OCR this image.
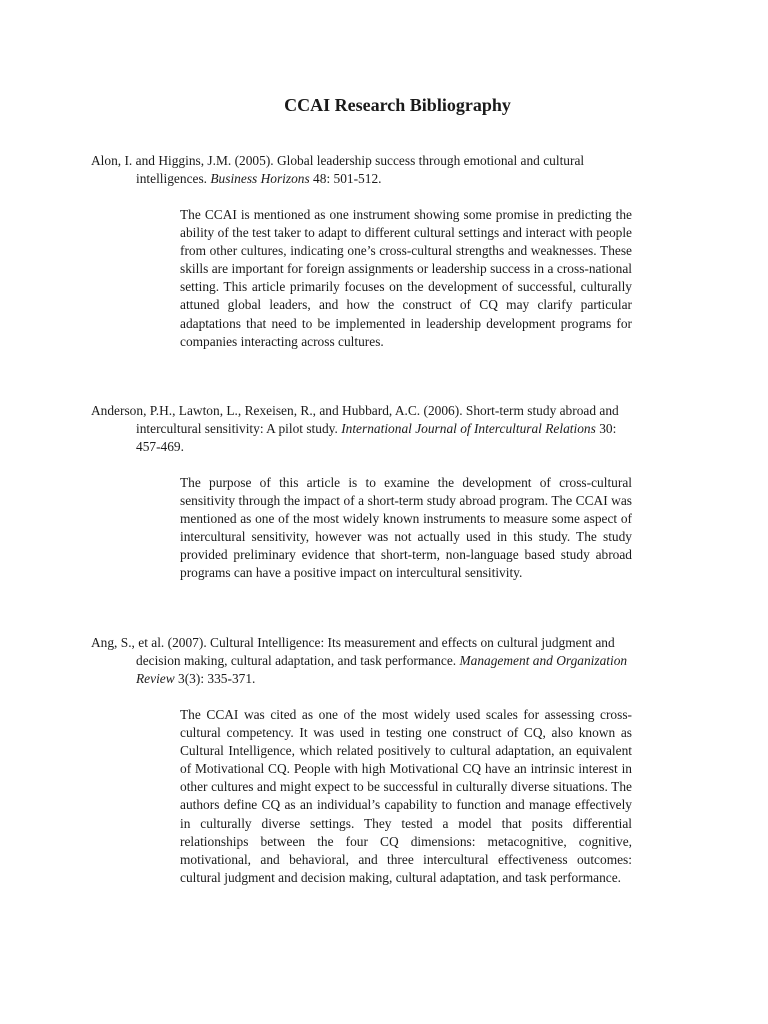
CCAI Research Bibliography
Alon, I. and Higgins, J.M. (2005). Global leadership success through emotional and cultural intelligences. Business Horizons 48: 501-512.
The CCAI is mentioned as one instrument showing some promise in predicting the ability of the test taker to adapt to different cultural settings and interact with people from other cultures, indicating one’s cross-cultural strengths and weaknesses. These skills are important for foreign assignments or leadership success in a cross-national setting. This article primarily focuses on the development of successful, culturally attuned global leaders, and how the construct of CQ may clarify particular adaptations that need to be implemented in leadership development programs for companies interacting across cultures.
Anderson, P.H., Lawton, L., Rexeisen, R., and Hubbard, A.C. (2006). Short-term study abroad and intercultural sensitivity: A pilot study. International Journal of Intercultural Relations 30: 457-469.
The purpose of this article is to examine the development of cross-cultural sensitivity through the impact of a short-term study abroad program. The CCAI was mentioned as one of the most widely known instruments to measure some aspect of intercultural sensitivity, however was not actually used in this study. The study provided preliminary evidence that short-term, non-language based study abroad programs can have a positive impact on intercultural sensitivity.
Ang, S., et al. (2007). Cultural Intelligence: Its measurement and effects on cultural judgment and decision making, cultural adaptation, and task performance. Management and Organization Review 3(3): 335-371.
The CCAI was cited as one of the most widely used scales for assessing cross-cultural competency. It was used in testing one construct of CQ, also known as Cultural Intelligence, which related positively to cultural adaptation, an equivalent of Motivational CQ. People with high Motivational CQ have an intrinsic interest in other cultures and might expect to be successful in culturally diverse situations. The authors define CQ as an individual’s capability to function and manage effectively in culturally diverse settings. They tested a model that posits differential relationships between the four CQ dimensions: metacognitive, cognitive, motivational, and behavioral, and three intercultural effectiveness outcomes: cultural judgment and decision making, cultural adaptation, and task performance.
